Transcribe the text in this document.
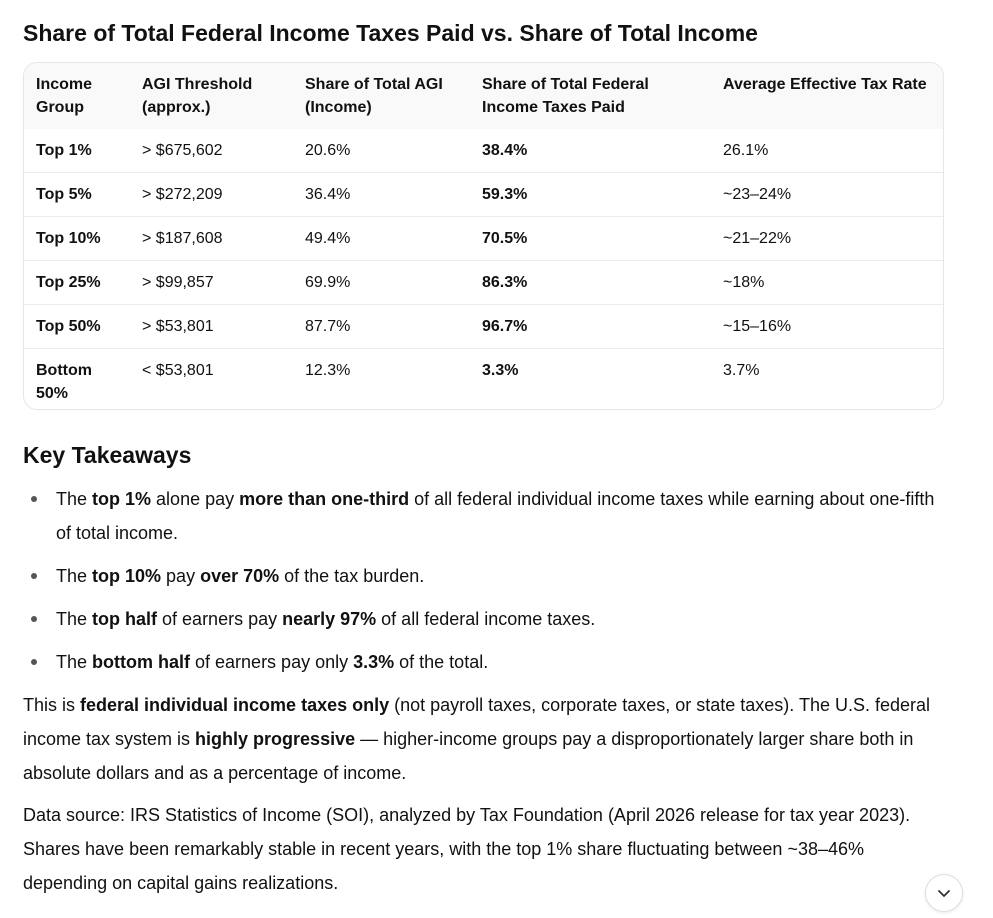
Share of Total Federal Income Taxes Paid vs. Share of Total Income
Income Group	AGI Threshold (approx.)	Share of Total AGI (Income)	Share of Total Federal Income Taxes Paid	Average Effective Tax Rate
Top 1%	> $675,602	20.6%	38.4%	26.1%
Top 5%	> $272,209	36.4%	59.3%	~23–24%
Top 10%	> $187,608	49.4%	70.5%	~21–22%
Top 25%	> $99,857	69.9%	86.3%	~18%
Top 50%	> $53,801	87.7%	96.7%	~15–16%
Bottom 50%	< $53,801	12.3%	3.3%	3.7%
Key Takeaways
The top 1% alone pay more than one-third of all federal individual income taxes while earning about one-fifth of total income.
The top 10% pay over 70% of the tax burden.
The top half of earners pay nearly 97% of all federal income taxes.
The bottom half of earners pay only 3.3% of the total.

This is federal individual income taxes only (not payroll taxes, corporate taxes, or state taxes). The U.S. federal income tax system is highly progressive — higher-income groups pay a disproportionately larger share both in absolute dollars and as a percentage of income.

Data source: IRS Statistics of Income (SOI), analyzed by Tax Foundation (April 2026 release for tax year 2023). Shares have been remarkably stable in recent years, with the top 1% share fluctuating between ~38–46% depending on capital gains realizations.
